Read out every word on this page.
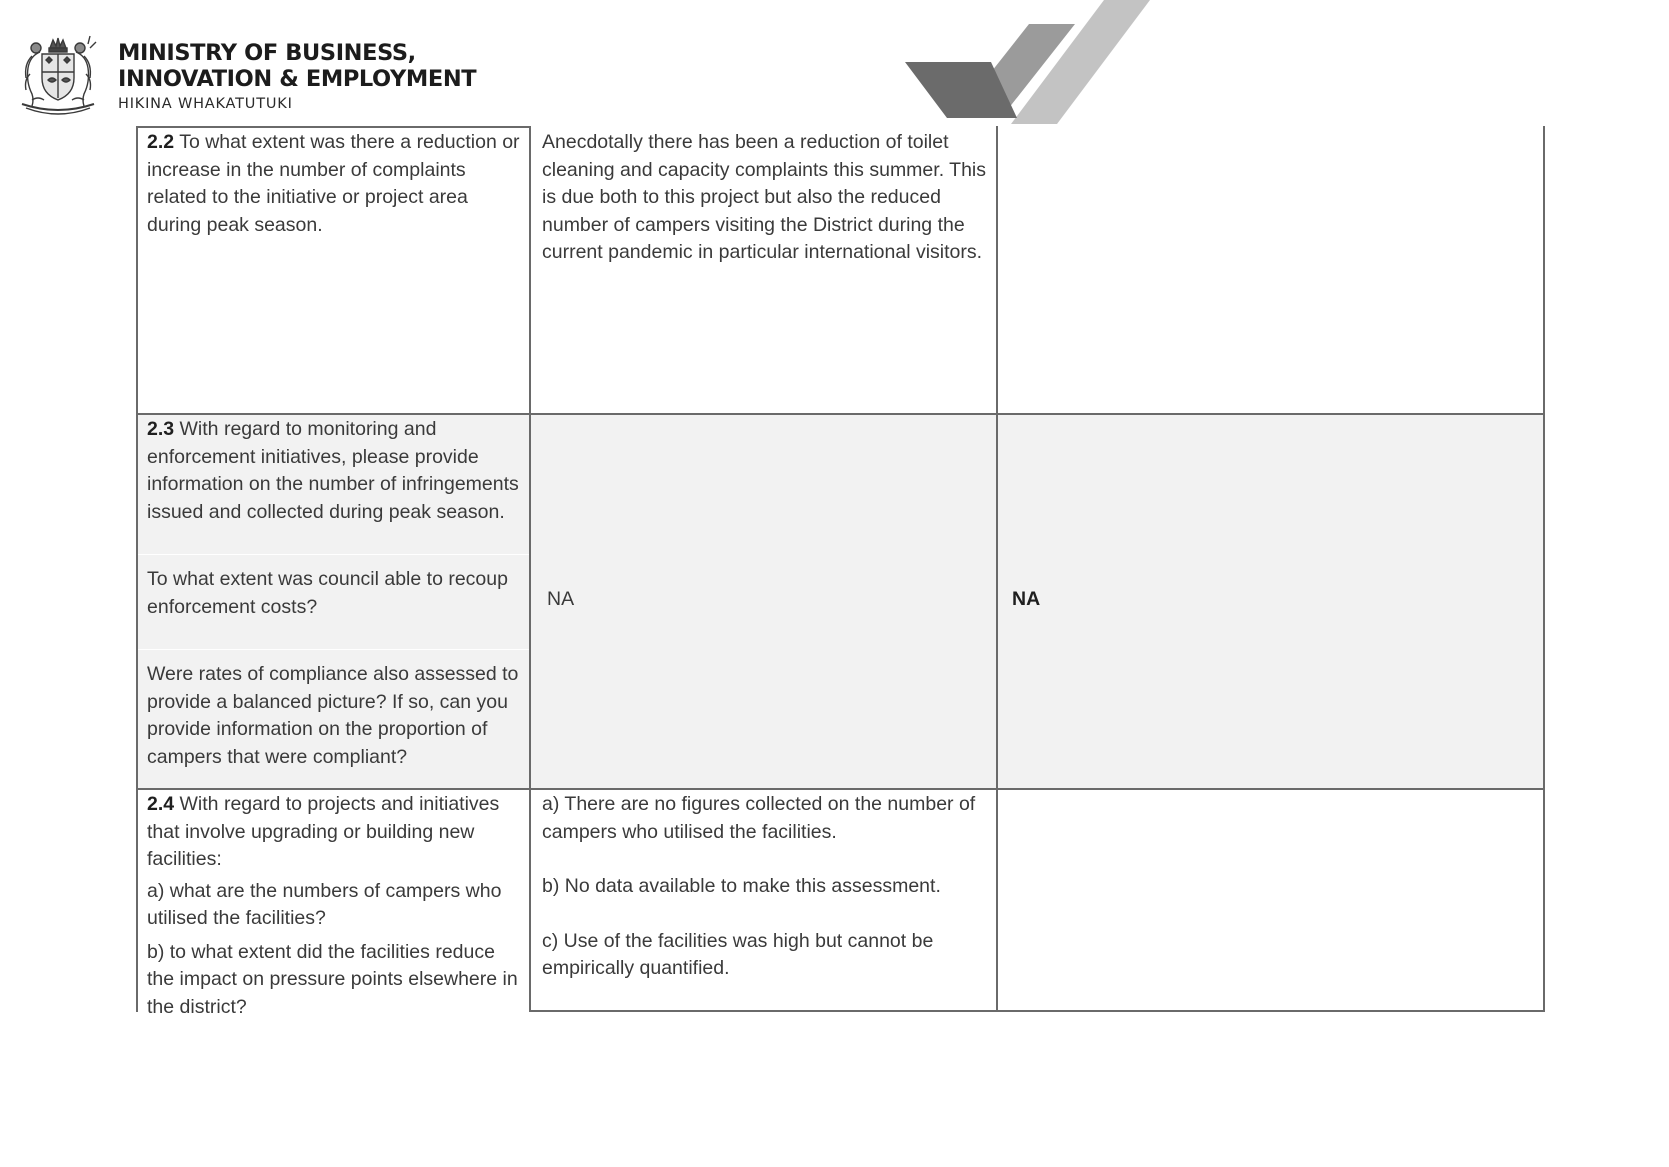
MINISTRY OF BUSINESS,
INNOVATION & EMPLOYMENT
HIKINA WHAKATUTUKI

2.2 To what extent was there a reduction or increase in the number of complaints related to the initiative or project area during peak season.

Anecdotally there has been a reduction of toilet cleaning and capacity complaints this summer. This is due both to this project but also the reduced number of campers visiting the District during the current pandemic in particular international visitors.

2.3 With regard to monitoring and enforcement initiatives, please provide information on the number of infringements issued and collected during peak season.

To what extent was council able to recoup enforcement costs?

Were rates of compliance also assessed to provide a balanced picture? If so, can you provide information on the proportion of campers that were compliant?

NA	NA

2.4 With regard to projects and initiatives that involve upgrading or building new facilities:

a) what are the numbers of campers who utilised the facilities?

b) to what extent did the facilities reduce the impact on pressure points elsewhere in the district?

a) There are no figures collected on the number of campers who utilised the facilities.

b) No data available to make this assessment.

c) Use of the facilities was high but cannot be empirically quantified.
